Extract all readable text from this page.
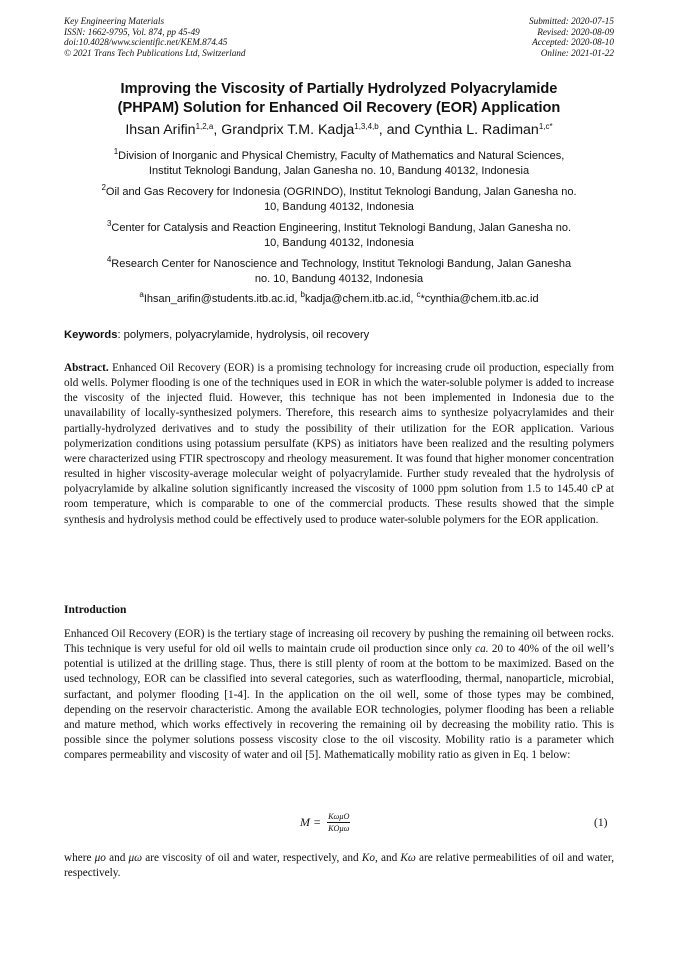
Key Engineering Materials
ISSN: 1662-9795, Vol. 874, pp 45-49
doi:10.4028/www.scientific.net/KEM.874.45
© 2021 Trans Tech Publications Ltd, Switzerland
Submitted: 2020-07-15
Revised: 2020-08-09
Accepted: 2020-08-10
Online: 2021-01-22
Improving the Viscosity of Partially Hydrolyzed Polyacrylamide
(PHPAM) Solution for Enhanced Oil Recovery (EOR) Application
Ihsan Arifin$^{1,2,a}$, Grandprix T.M. Kadja$^{1,3,4,b}$, and Cynthia L. Radiman$^{1,c*}$
$^1$Division of Inorganic and Physical Chemistry, Faculty of Mathematics and Natural Sciences,
Institut Teknologi Bandung, Jalan Ganesha no. 10, Bandung 40132, Indonesia
$^2$Oil and Gas Recovery for Indonesia (OGRINDO), Institut Teknologi Bandung, Jalan Ganesha no.
10, Bandung 40132, Indonesia
$^3$Center for Catalysis and Reaction Engineering, Institut Teknologi Bandung, Jalan Ganesha no.
10, Bandung 40132, Indonesia
$^4$Research Center for Nanoscience and Technology, Institut Teknologi Bandung, Jalan Ganesha
no. 10, Bandung 40132, Indonesia
$^a$Ihsan_arifin@students.itb.ac.id, $^b$kadja@chem.itb.ac.id, $^c$*cynthia@chem.itb.ac.id
Keywords: polymers, polyacrylamide, hydrolysis, oil recovery
Abstract. Enhanced Oil Recovery (EOR) is a promising technology for increasing crude oil production, especially from old wells. Polymer flooding is one of the techniques used in EOR in which the water-soluble polymer is added to increase the viscosity of the injected fluid. However, this technique has not been implemented in Indonesia due to the unavailability of locally-synthesized polymers. Therefore, this research aims to synthesize polyacrylamides and their partially-hydrolyzed derivatives and to study the possibility of their utilization for the EOR application. Various polymerization conditions using potassium persulfate (KPS) as initiators have been realized and the resulting polymers were characterized using FTIR spectroscopy and rheology measurement. It was found that higher monomer concentration resulted in higher viscosity-average molecular weight of polyacrylamide. Further study revealed that the hydrolysis of polyacrylamide by alkaline solution significantly increased the viscosity of 1000 ppm solution from 1.5 to 145.40 cP at room temperature, which is comparable to one of the commercial products. These results showed that the simple synthesis and hydrolysis method could be effectively used to produce water-soluble polymers for the EOR application.
Introduction
Enhanced Oil Recovery (EOR) is the tertiary stage of increasing oil recovery by pushing the remaining oil between rocks. This technique is very useful for old oil wells to maintain crude oil production since only ca. 20 to 40% of the oil well’s potential is utilized at the drilling stage. Thus, there is still plenty of room at the bottom to be maximized. Based on the used technology, EOR can be classified into several categories, such as waterflooding, thermal, nanoparticle, microbial, surfactant, and polymer flooding [1-4]. In the application on the oil well, some of those types may be combined, depending on the reservoir characteristic. Among the available EOR technologies, polymer flooding has been a reliable and mature method, which works effectively in recovering the remaining oil by decreasing the mobility ratio. This is possible since the polymer solutions possess viscosity close to the oil viscosity. Mobility ratio is a parameter which compares permeability and viscosity of water and oil [5]. Mathematically mobility ratio as given in Eq. 1 below:
$M = \frac{\text{KωμO}}{\text{KOμω}}$	(1)
where μo and μω are viscosity of oil and water, respectively, and Ko, and Kω are relative permeabilities of oil and water, respectively.
